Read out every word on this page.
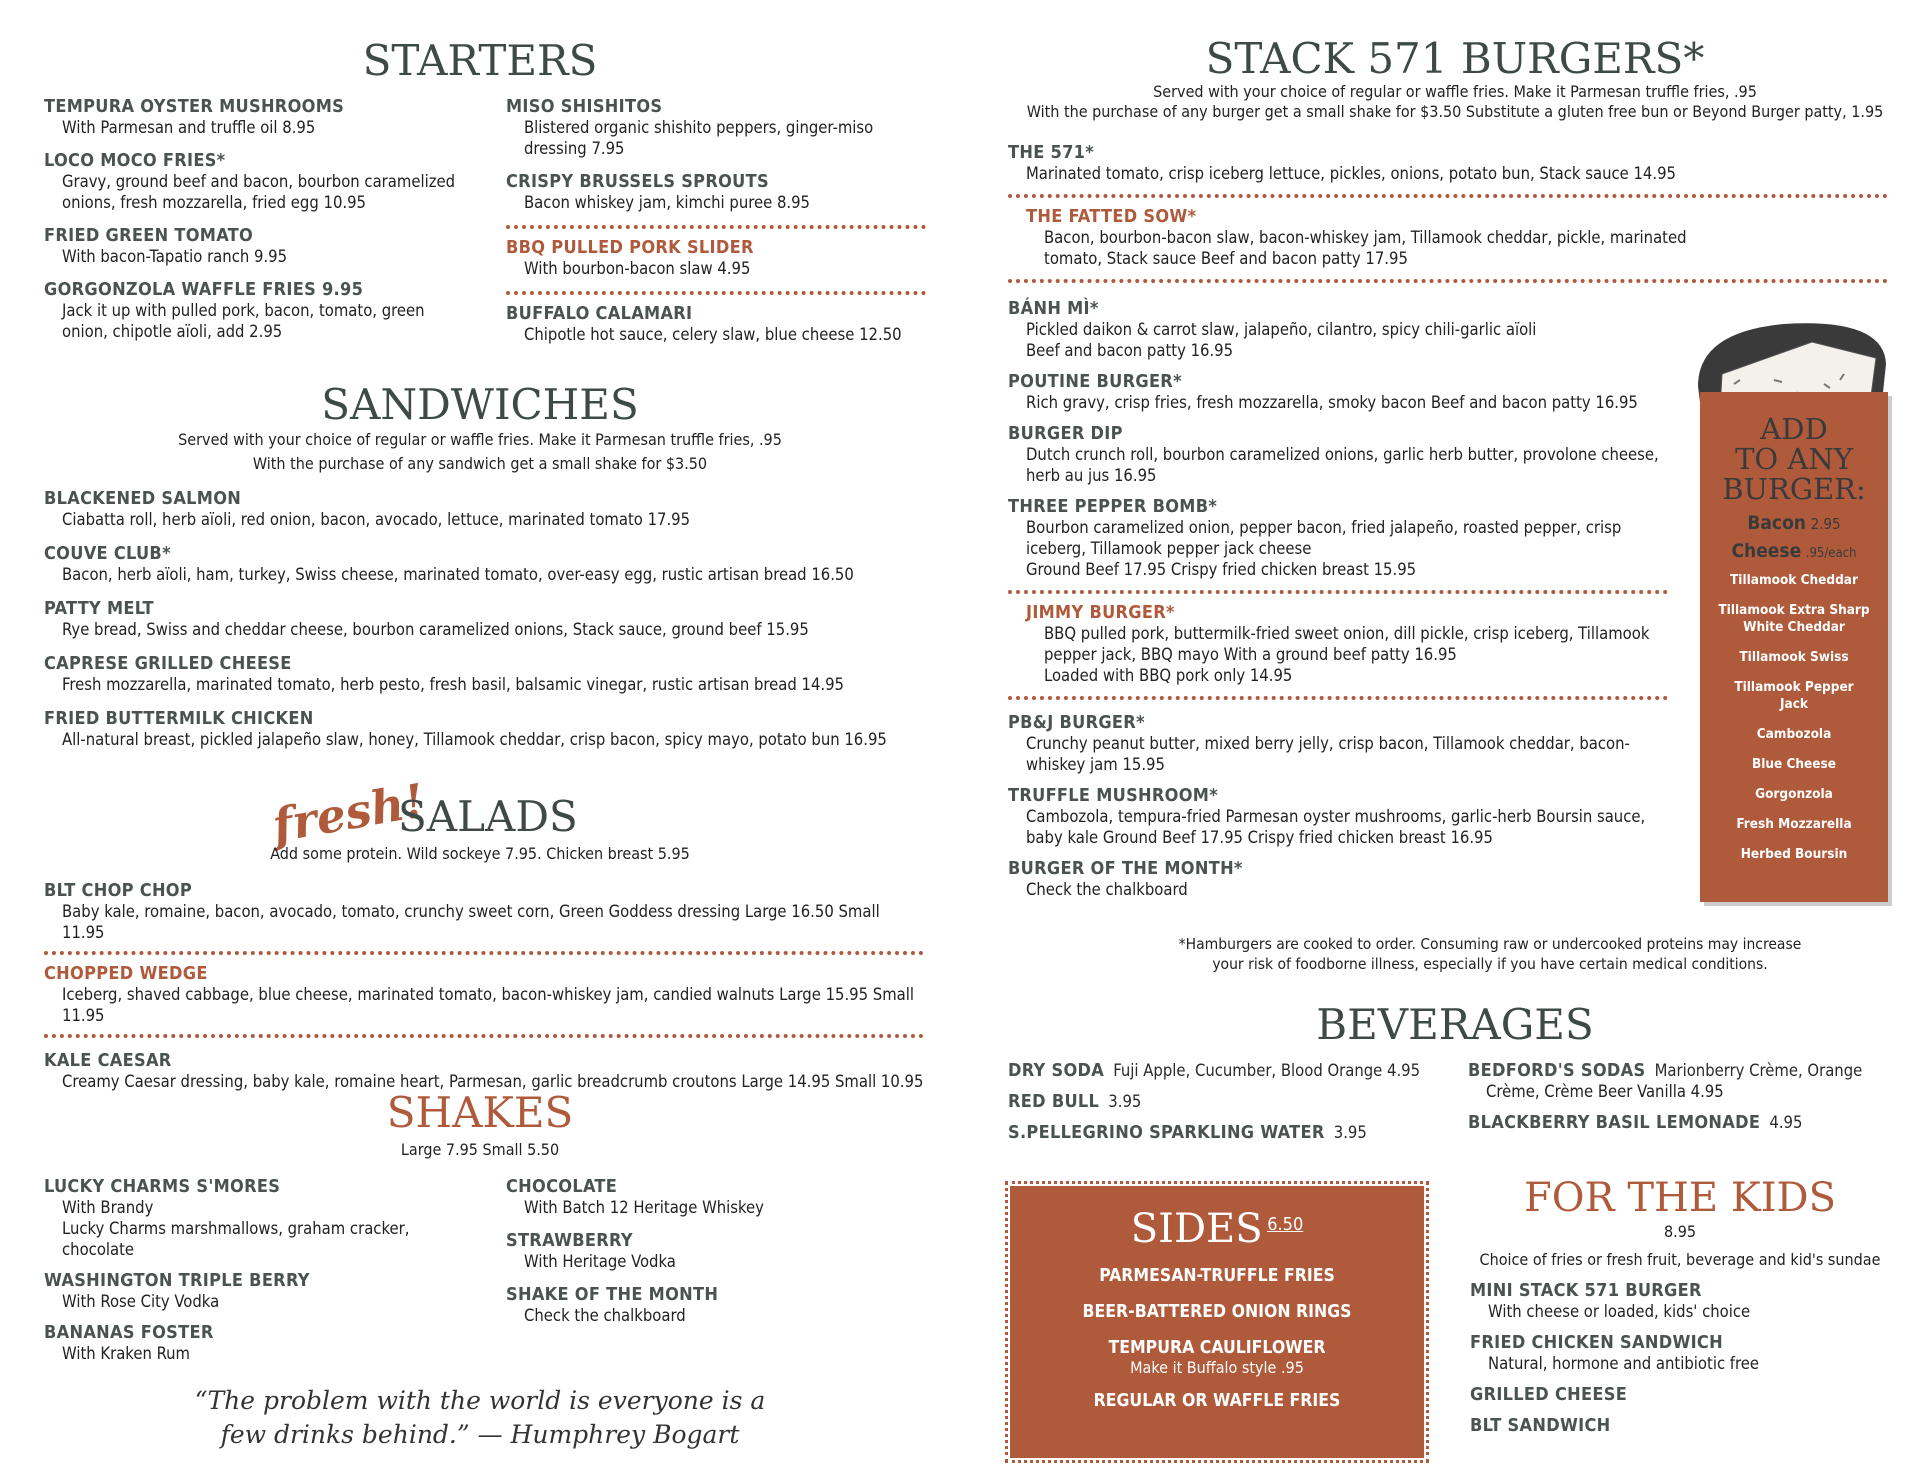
STARTERS
TEMPURA OYSTER MUSHROOMS
With Parmesan and truffle oil 8.95
LOCO MOCO FRIES*
Gravy, ground beef and bacon, bourbon caramelized onions, fresh mozzarella, fried egg 10.95
FRIED GREEN TOMATO
With bacon-Tapatio ranch 9.95
GORGONZOLA WAFFLE FRIES 9.95
Jack it up with pulled pork, bacon, tomato, green onion, chipotle aïoli, add 2.95
MISO SHISHITOS
Blistered organic shishito peppers, ginger-miso dressing 7.95
CRISPY BRUSSELS SPROUTS
Bacon whiskey jam, kimchi puree 8.95
BBQ PULLED PORK SLIDER
With bourbon-bacon slaw 4.95
BUFFALO CALAMARI
Chipotle hot sauce, celery slaw, blue cheese 12.50
SANDWICHES
Served with your choice of regular or waffle fries. Make it Parmesan truffle fries, .95
With the purchase of any sandwich get a small shake for $3.50
BLACKENED SALMON
Ciabatta roll, herb aïoli, red onion, bacon, avocado, lettuce, marinated tomato 17.95
COUVE CLUB*
Bacon, herb aïoli, ham, turkey, Swiss cheese, marinated tomato, over-easy egg, rustic artisan bread 16.50
PATTY MELT
Rye bread, Swiss and cheddar cheese, bourbon caramelized onions, Stack sauce, ground beef 15.95
CAPRESE GRILLED CHEESE
Fresh mozzarella, marinated tomato, herb pesto, fresh basil, balsamic vinegar, rustic artisan bread 14.95
FRIED BUTTERMILK CHICKEN
All-natural breast, pickled jalapeño slaw, honey, Tillamook cheddar, crisp bacon, spicy mayo, potato bun 16.95
fresh!
SALADS
Add some protein. Wild sockeye 7.95. Chicken breast 5.95
BLT CHOP CHOP
Baby kale, romaine, bacon, avocado, tomato, crunchy sweet corn, Green Goddess dressing Large 16.50 Small 11.95
CHOPPED WEDGE
Iceberg, shaved cabbage, blue cheese, marinated tomato, bacon-whiskey jam, candied walnuts Large 15.95 Small 11.95
KALE CAESAR
Creamy Caesar dressing, baby kale, romaine heart, Parmesan, garlic breadcrumb croutons Large 14.95 Small 10.95
SHAKES
Large 7.95 Small 5.50
LUCKY CHARMS S'MORES
With Brandy
Lucky Charms marshmallows, graham cracker, chocolate
WASHINGTON TRIPLE BERRY
With Rose City Vodka
BANANAS FOSTER
With Kraken Rum
CHOCOLATE
With Batch 12 Heritage Whiskey
STRAWBERRY
With Heritage Vodka
SHAKE OF THE MONTH
Check the chalkboard
“The problem with the world is everyone is a
few drinks behind.” — Humphrey Bogart
STACK 571 BURGERS*
Served with your choice of regular or waffle fries. Make it Parmesan truffle fries, .95
With the purchase of any burger get a small shake for $3.50 Substitute a gluten free bun or Beyond Burger patty, 1.95
THE 571*
Marinated tomato, crisp iceberg lettuce, pickles, onions, potato bun, Stack sauce 14.95
THE FATTED SOW*
Bacon, bourbon-bacon slaw, bacon-whiskey jam, Tillamook cheddar, pickle, marinated tomato, Stack sauce Beef and bacon patty 17.95
BÁNH MÌ*
Pickled daikon & carrot slaw, jalapeño, cilantro, spicy chili-garlic aïoli
Beef and bacon patty 16.95
POUTINE BURGER*
Rich gravy, crisp fries, fresh mozzarella, smoky bacon Beef and bacon patty 16.95
BURGER DIP
Dutch crunch roll, bourbon caramelized onions, garlic herb butter, provolone cheese, herb au jus 16.95
THREE PEPPER BOMB*
Bourbon caramelized onion, pepper bacon, fried jalapeño, roasted pepper, crisp iceberg, Tillamook pepper jack cheese
Ground Beef 17.95 Crispy fried chicken breast 15.95
JIMMY BURGER*
BBQ pulled pork, buttermilk-fried sweet onion, dill pickle, crisp iceberg, Tillamook pepper jack, BBQ mayo With a ground beef patty 16.95
Loaded with BBQ pork only 14.95
PB&J BURGER*
Crunchy peanut butter, mixed berry jelly, crisp bacon, Tillamook cheddar, bacon-whiskey jam 15.95
TRUFFLE MUSHROOM*
Cambozola, tempura-fried Parmesan oyster mushrooms, garlic-herb Boursin sauce, baby kale Ground Beef 17.95 Crispy fried chicken breast 16.95
BURGER OF THE MONTH*
Check the chalkboard
*Hamburgers are cooked to order. Consuming raw or undercooked proteins may increase
your risk of foodborne illness, especially if you have certain medical conditions.
ADD
TO ANY
BURGER:
Bacon 2.95
Cheese .95/each
Tillamook Cheddar
Tillamook Extra Sharp White Cheddar
Tillamook Swiss
Tillamook Pepper Jack
Cambozola
Blue Cheese
Gorgonzola
Fresh Mozzarella
Herbed Boursin
BEVERAGES
DRY SODA Fuji Apple, Cucumber, Blood Orange 4.95
RED BULL 3.95
S.PELLEGRINO SPARKLING WATER 3.95
BEDFORD'S SODAS Marionberry Crème, Orange
Crème, Crème Beer Vanilla 4.95
BLACKBERRY BASIL LEMONADE 4.95
SIDES 6.50
PARMESAN-TRUFFLE FRIES
BEER-BATTERED ONION RINGS
TEMPURA CAULIFLOWER
Make it Buffalo style .95
REGULAR OR WAFFLE FRIES
FOR THE KIDS
8.95
Choice of fries or fresh fruit, beverage and kid's sundae
MINI STACK 571 BURGER
With cheese or loaded, kids' choice
FRIED CHICKEN SANDWICH
Natural, hormone and antibiotic free
GRILLED CHEESE
BLT SANDWICH
